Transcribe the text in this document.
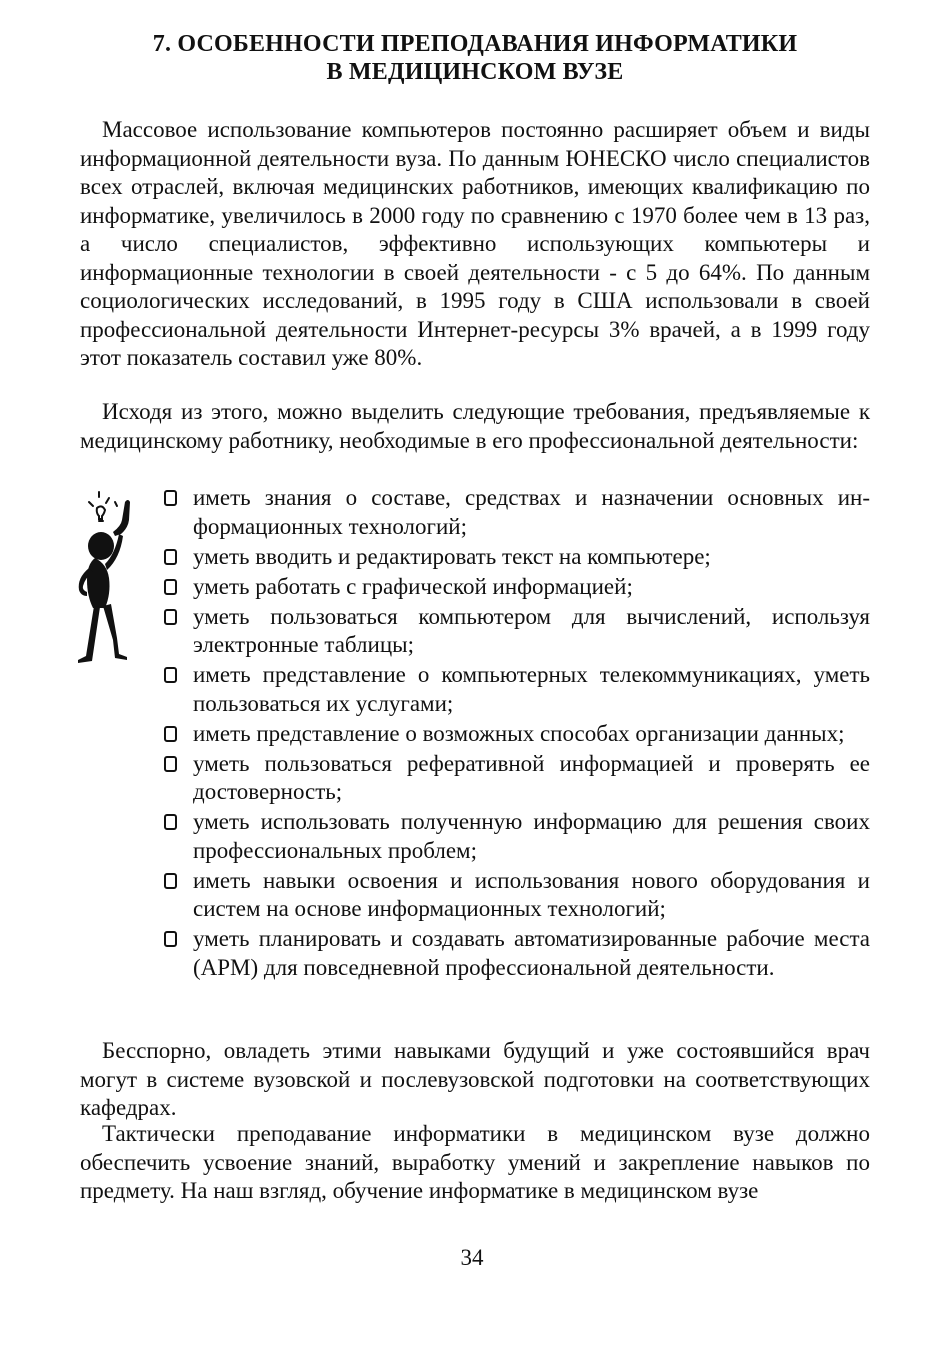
7. ОСОБЕННОСТИ ПРЕПОДАВАНИЯ ИНФОРМАТИКИ
В МЕДИЦИНСКОМ ВУЗЕ

Массовое использование компьютеров постоянно расширяет объем и виды информационной деятельности вуза. По данным ЮНЕСКО число специалистов всех отраслей, включая медицинских работников, имеющих квалификацию по информатике, увеличилось в 2000 году по сравнению с 1970 более чем в 13 раз, а число специалистов, эффективно использующих компьютеры и информационные технологии в своей деятельности - с 5 до 64%. По данным социологических исследований, в 1995 году в США использовали в своей профессиональной деятельности Интернет-ресурсы 3% врачей, а в 1999 году этот показатель составил уже 80%.

Исходя из этого, можно выделить следующие требования, предъявляемые к медицинскому работнику, необходимые в его профессиональной деятельности:

иметь знания о составе, средствах и назначении основных информационных технологий;
уметь вводить и редактировать текст на компьютере;
уметь работать с графической информацией;
уметь пользоваться компьютером для вычислений, используя электронные таблицы;
иметь представление о компьютерных телекоммуникациях, уметь пользоваться их услугами;
иметь представление о возможных способах организации данных;
уметь пользоваться реферативной информацией и проверять ее достоверность;
уметь использовать полученную информацию для решения своих профессиональных проблем;
иметь навыки освоения и использования нового оборудования и систем на основе информационных технологий;
уметь планировать и создавать автоматизированные рабочие места (АРМ) для повседневной профессиональной деятельности.

Бесспорно, овладеть этими навыками будущий и уже состоявшийся врач могут в системе вузовской и послевузовской подготовки на соответствующих кафедрах.

Тактически преподавание информатики в медицинском вузе должно обеспечить усвоение знаний, выработку умений и закрепление навыков по предмету. На наш взгляд, обучение информатике в медицинском вузе

34
